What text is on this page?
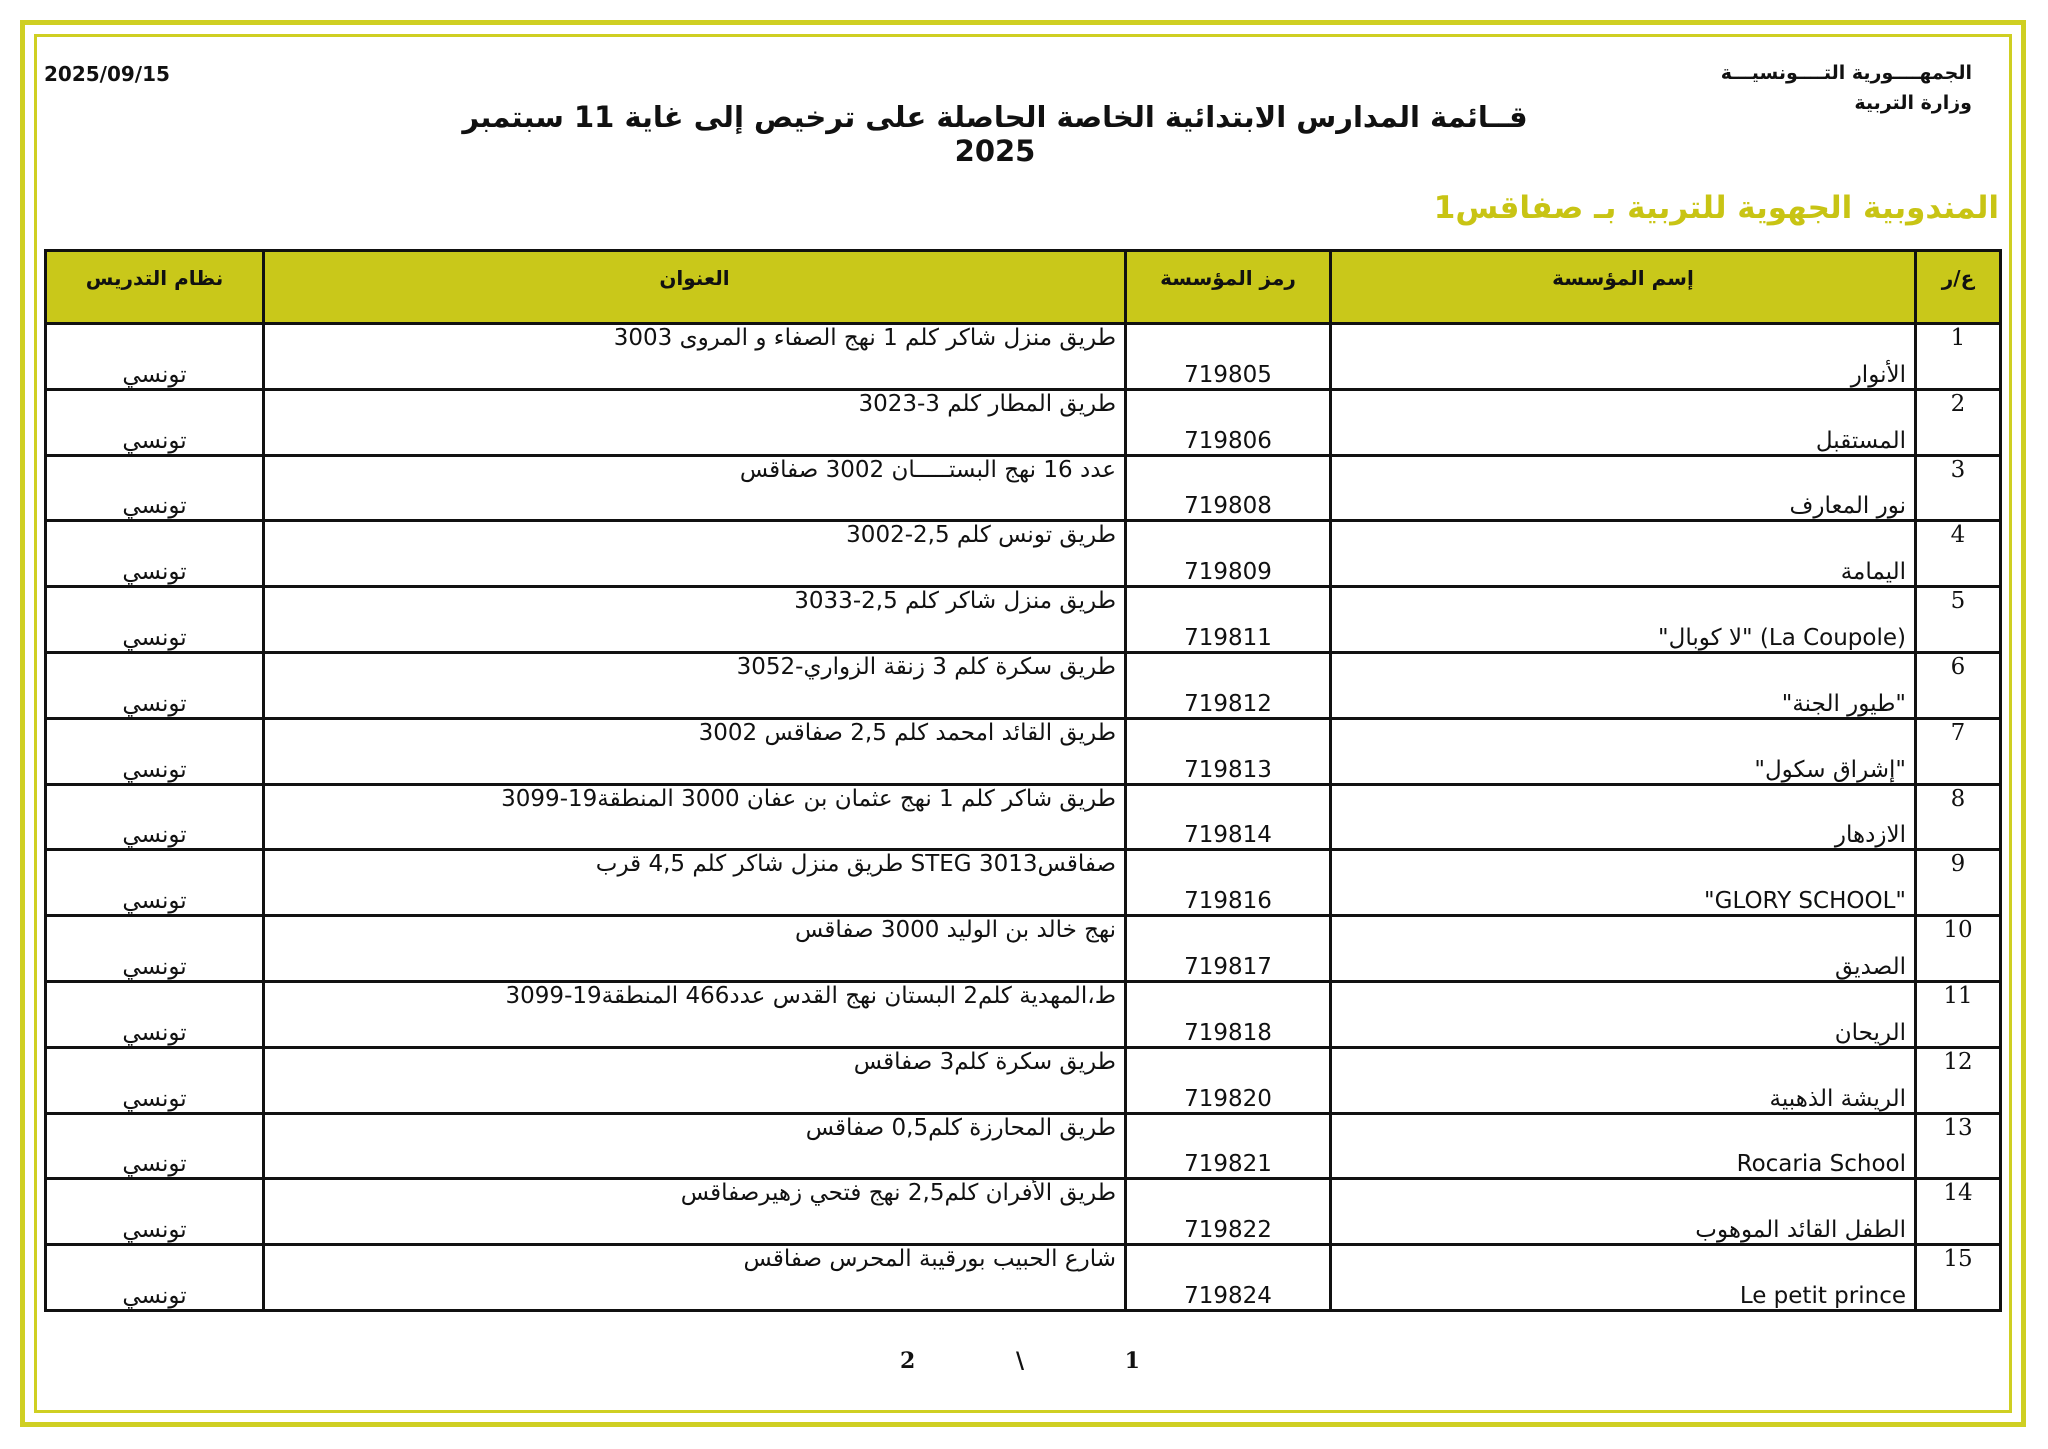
2025/09/15	الجمهــــورية التــــونسيـــة
وزارة التربية
قــائمة المدارس الابتدائية الخاصة الحاصلة على ترخيص إلى غاية 11 سبتمبر 2025
المندوبية الجهوية للتربية بـ صفاقس1
ع/ر	إسم المؤسسة	رمز المؤسسة	العنوان	نظام التدريس
1	الأنوار	719805	طريق منزل شاكر كلم 1 نهج الصفاء و المروى 3003	تونسي
2	المستقبل	719806	طريق المطار كلم 3-3023	تونسي
3	نور المعارف	719808	عدد 16 نهج البستـــــان 3002 صفاقس	تونسي
4	اليمامة	719809	طريق تونس كلم 2,5-3002	تونسي
5	(La Coupole) "لا كوبال"	719811	طريق منزل شاكر كلم 2,5-3033	تونسي
6	"طيور الجنة"	719812	طريق سكرة كلم 3 زنقة الزواري-3052	تونسي
7	"إشراق سكول"	719813	طريق القائد امحمد كلم 2,5 صفاقس 3002	تونسي
8	الازدهار	719814	طريق شاكر كلم 1 نهج عثمان بن عفان 3000 المنطقة19-3099	تونسي
9	"GLORY SCHOOL"	719816	صفاقس3013 STEG طريق منزل شاكر كلم 4,5 قرب	تونسي
10	الصديق	719817	نهج خالد بن الوليد 3000 صفاقس	تونسي
11	الريحان	719818	ط،المهدية كلم2 البستان نهج القدس عدد466 المنطقة19-3099	تونسي
12	الريشة الذهبية	719820	طريق سكرة كلم3 صفاقس	تونسي
13	Rocaria School	719821	طريق المحارزة كلم0,5 صفاقس	تونسي
14	الطفل القائد الموهوب	719822	طريق الأفران كلم2,5 نهج فتحي زهيرصفاقس	تونسي
15	Le petit prince	719824	شارع الحبيب بورقيبة المحرس صفاقس	تونسي
2	\	1
